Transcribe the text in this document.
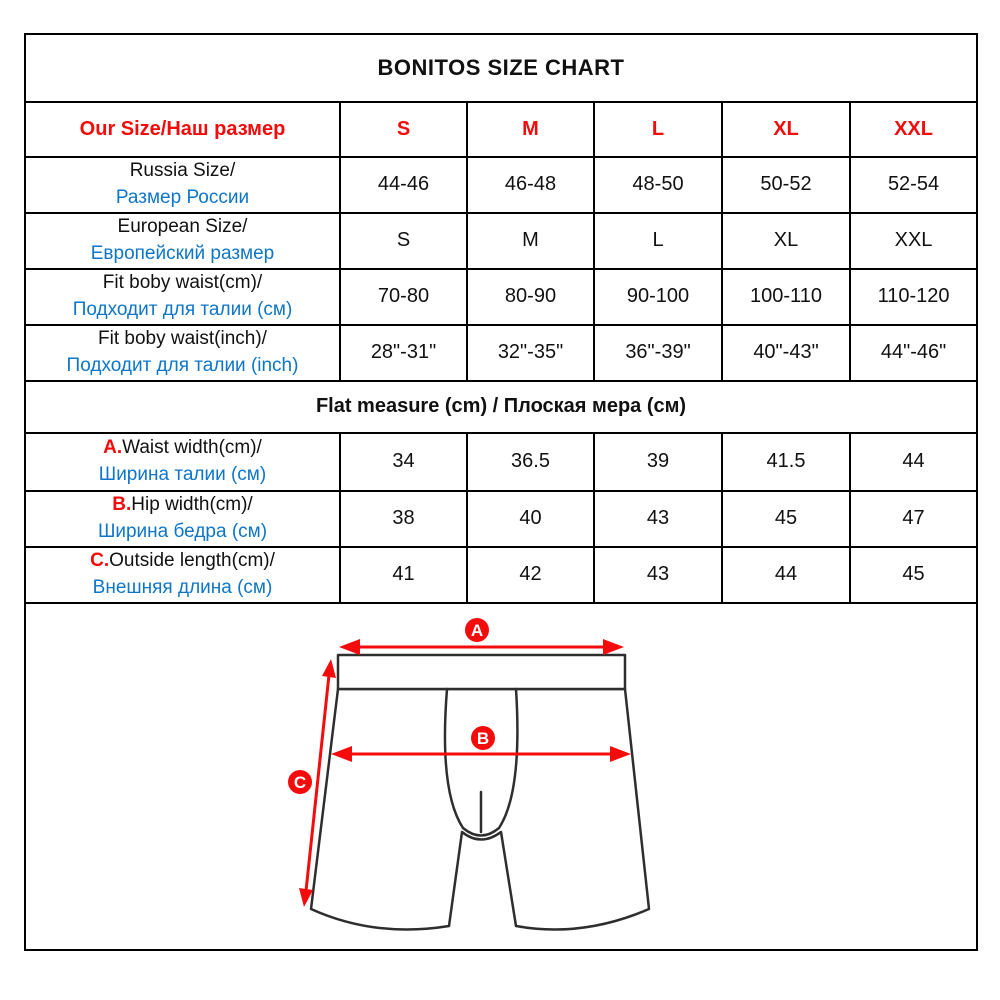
BONITOS SIZE CHART					
Our Size/Наш размер	S	M	L	XL	XXL

Russia Size/
Размер России	44-46	46-48	48-50	50-52	52-54

European Size/
Европейский размер	S	M	L	XL	XXL

Fit boby waist(cm)/
Подходит для талии (см)	70-80	80-90	90-100	100-110	110-120

Fit boby waist(inch)/
Подходит для талии (inch)	28"-31"	32"-35"	36"-39"	40"-43"	44"-46"
Flat measure (cm) / Плоская мера (см)					

A.Waist width(cm)/
Ширина талии (см)	34	36.5	39	41.5	44

B.Hip width(cm)/
Ширина бедра (см)	38	40	43	45	47

C.Outside length(cm)/
Внешняя длина (см)	41	42	43	44	45

A
B
C					
